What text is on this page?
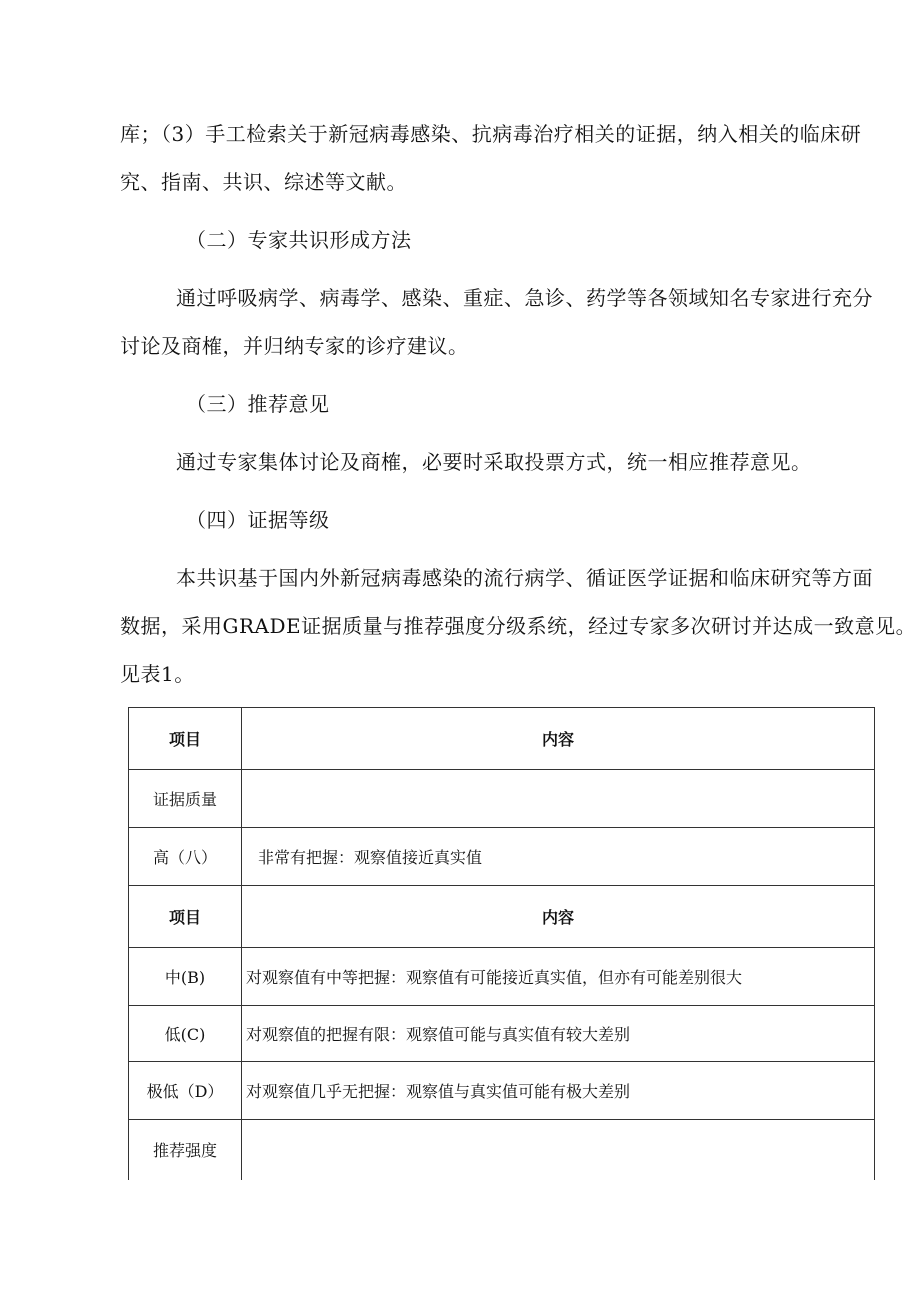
库；（3）手工检索关于新冠病毒感染、抗病毒治疗相关的证据，纳入相关的临床研

究、指南、共识、综述等文献。

（二）专家共识形成方法

通过呼吸病学、病毒学、感染、重症、急诊、药学等各领域知名专家进行充分

讨论及商榷，并归纳专家的诊疗建议。

（三）推荐意见

通过专家集体讨论及商榷，必要时采取投票方式，统一相应推荐意见。

（四）证据等级

本共识基于国内外新冠病毒感染的流行病学、循证医学证据和临床研究等方面

数据，采用GRADE证据质量与推荐强度分级系统，经过专家多次研讨并达成一致意见。

见表1。

项目	内容
证据质量	
高（八）	非常有把握：观察值接近真实值
项目	内容
中(B)	对观察值有中等把握：观察值有可能接近真实值，但亦有可能差别很大
低(C)	对观察值的把握有限：观察值可能与真实值有较大差别
极低（D）	对观察值几乎无把握：观察值与真实值可能有极大差别
推荐强度	
